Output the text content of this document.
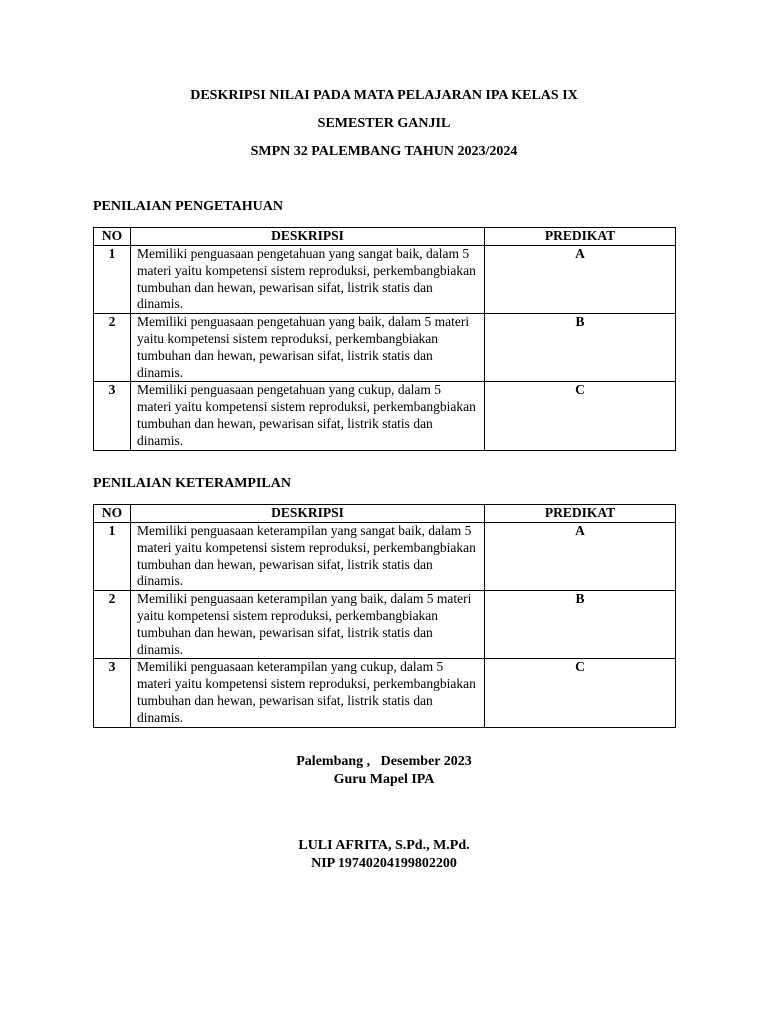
DESKRIPSI NILAI PADA MATA PELAJARAN IPA KELAS IX
SEMESTER GANJIL
SMPN 32 PALEMBANG TAHUN 2023/2024
PENILAIAN PENGETAHUAN
NO	DESKRIPSI	PREDIKAT
1	Memiliki penguasaan pengetahuan yang sangat baik, dalam 5 materi yaitu kompetensi sistem reproduksi, perkembangbiakan tumbuhan dan hewan, pewarisan sifat, listrik statis dan dinamis.	A
2	Memiliki penguasaan pengetahuan yang baik, dalam 5 materi yaitu kompetensi sistem reproduksi, perkembangbiakan tumbuhan dan hewan, pewarisan sifat, listrik statis dan dinamis.	B
3	Memiliki penguasaan pengetahuan yang cukup, dalam 5 materi yaitu kompetensi sistem reproduksi, perkembangbiakan tumbuhan dan hewan, pewarisan sifat, listrik statis dan dinamis.	C
PENILAIAN KETERAMPILAN
NO	DESKRIPSI	PREDIKAT
1	Memiliki penguasaan keterampilan yang sangat baik, dalam 5 materi yaitu kompetensi sistem reproduksi, perkembangbiakan tumbuhan dan hewan, pewarisan sifat, listrik statis dan dinamis.	A
2	Memiliki penguasaan keterampilan yang baik, dalam 5 materi yaitu kompetensi sistem reproduksi, perkembangbiakan tumbuhan dan hewan, pewarisan sifat, listrik statis dan dinamis.	B
3	Memiliki penguasaan keterampilan yang cukup, dalam 5 materi yaitu kompetensi sistem reproduksi, perkembangbiakan tumbuhan dan hewan, pewarisan sifat, listrik statis dan dinamis.	C
Palembang ,   Desember 2023
Guru Mapel IPA
LULI AFRITA, S.Pd., M.Pd.
NIP 19740204199802200
